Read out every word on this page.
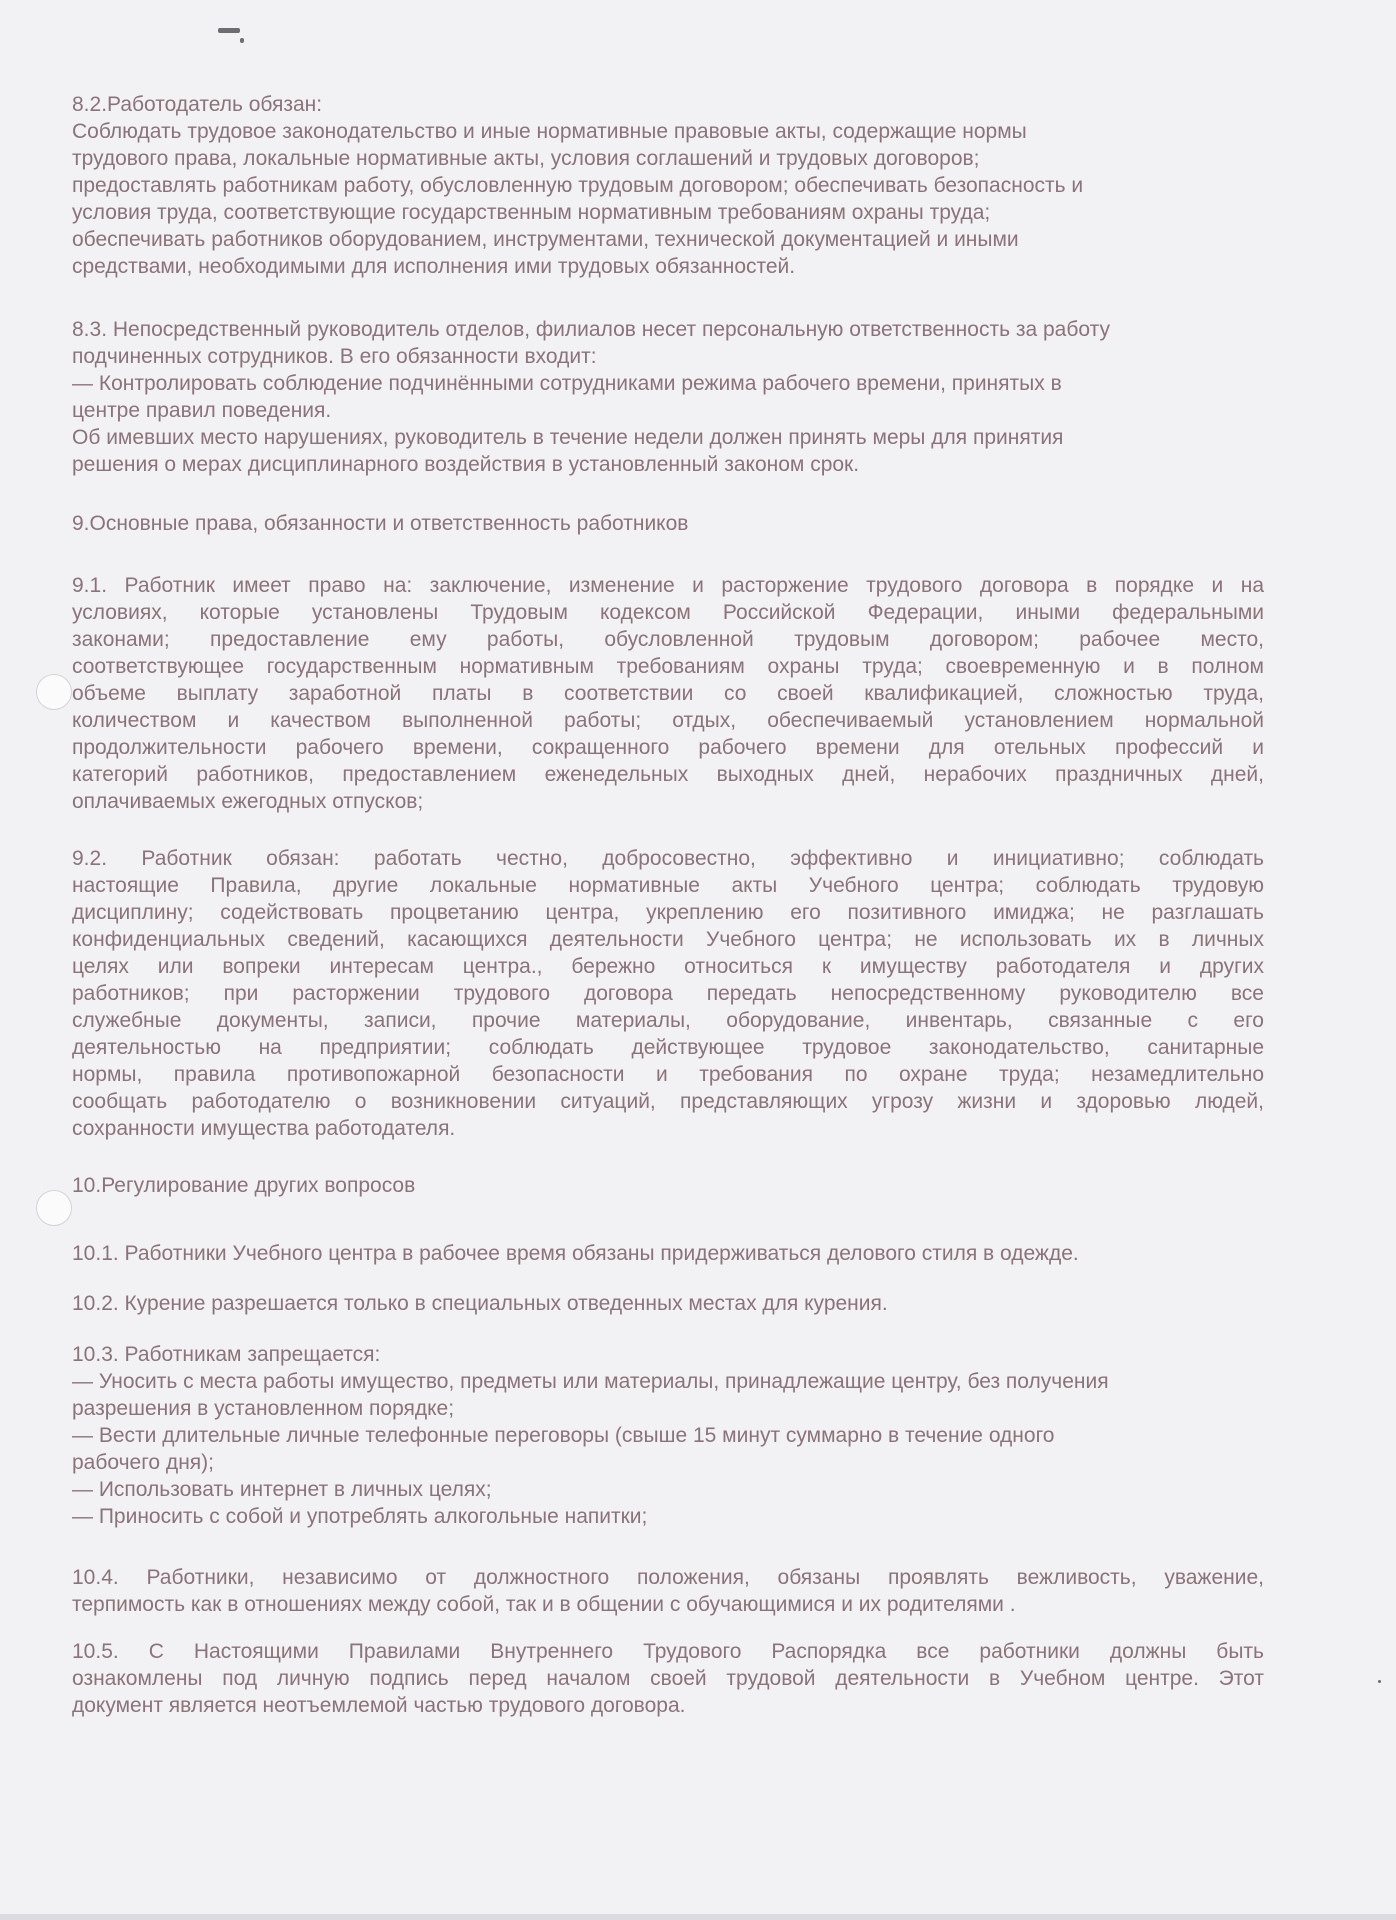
8.2.Работодатель обязан:
Соблюдать трудовое законодательство и иные нормативные правовые акты, содержащие нормы
трудового права, локальные нормативные акты, условия соглашений и трудовых договоров;
предоставлять работникам работу, обусловленную трудовым договором; обеспечивать безопасность и
условия труда, соответствующие государственным нормативным требованиям охраны труда;
обеспечивать работников оборудованием, инструментами, технической документацией и иными
средствами, необходимыми для исполнения ими трудовых обязанностей.
8.3. Непосредственный руководитель отделов, филиалов несет персональную ответственность за работу
подчиненных сотрудников. В его обязанности входит:
— Контролировать соблюдение подчинёнными сотрудниками режима рабочего времени, принятых в
центре правил поведения.
Об имевших место нарушениях, руководитель в течение недели должен принять меры для принятия
решения о мерах дисциплинарного воздействия в установленный законом срок.
9.Основные права, обязанности и ответственность работников
9.1. Работник имеет право на: заключение, изменение и расторжение трудового договора в порядке и на
условиях, которые установлены Трудовым кодексом Российской Федерации, иными федеральными
законами; предоставление ему работы, обусловленной трудовым договором; рабочее место,
соответствующее государственным нормативным требованиям охраны труда; своевременную и в полном
объеме выплату заработной платы в соответствии со своей квалификацией, сложностью труда,
количеством и качеством выполненной работы; отдых, обеспечиваемый установлением нормальной
продолжительности рабочего времени, сокращенного рабочего времени для отельных профессий и
категорий работников, предоставлением еженедельных выходных дней, нерабочих праздничных дней,
оплачиваемых ежегодных отпусков;
9.2. Работник обязан: работать честно, добросовестно, эффективно и инициативно; соблюдать
настоящие Правила, другие локальные нормативные акты Учебного центра; соблюдать трудовую
дисциплину; содействовать процветанию центра, укреплению его позитивного имиджа; не разглашать
конфиденциальных сведений, касающихся деятельности Учебного центра; не использовать их в личных
целях или вопреки интересам центра., бережно относиться к имуществу работодателя и других
работников; при расторжении трудового договора передать непосредственному руководителю все
служебные документы, записи, прочие материалы, оборудование, инвентарь, связанные с его
деятельностью на предприятии; соблюдать действующее трудовое законодательство, санитарные
нормы, правила противопожарной безопасности и требования по охране труда; незамедлительно
сообщать работодателю о возникновении ситуаций, представляющих угрозу жизни и здоровью людей,
сохранности имущества работодателя.
10.Регулирование других вопросов
10.1. Работники Учебного центра в рабочее время обязаны придерживаться делового стиля в одежде.
10.2. Курение разрешается только в специальных отведенных местах для курения.
10.3. Работникам запрещается:
— Уносить с места работы имущество, предметы или материалы, принадлежащие центру, без получения
разрешения в установленном порядке;
— Вести длительные личные телефонные переговоры (свыше 15 минут суммарно в течение одного
рабочего дня);
— Использовать интернет в личных целях;
— Приносить с собой и употреблять алкогольные напитки;
10.4. Работники, независимо от должностного положения, обязаны проявлять вежливость, уважение,
терпимость как в отношениях между собой, так и в общении с обучающимися и их родителями .
10.5. С Настоящими Правилами Внутреннего Трудового Распорядка все работники должны быть
ознакомлены под личную подпись перед началом своей трудовой деятельности в Учебном центре. Этот
документ является неотъемлемой частью трудового договора.
